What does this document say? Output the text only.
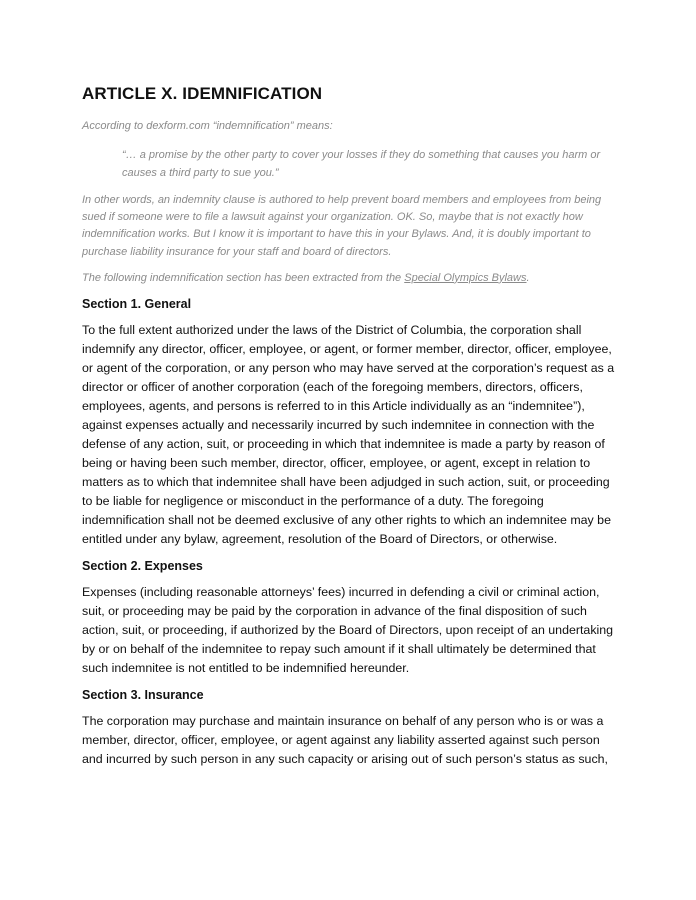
ARTICLE X. IDEMNIFICATION

According to dexform.com “indemnification” means:

“… a promise by the other party to cover your losses if they do something that causes you harm or causes a third party to sue you.”

In other words, an indemnity clause is authored to help prevent board members and employees from being sued if someone were to file a lawsuit against your organization. OK. So, maybe that is not exactly how indemnification works. But I know it is important to have this in your Bylaws. And, it is doubly important to purchase liability insurance for your staff and board of directors.

The following indemnification section has been extracted from the Special Olympics Bylaws.

Section 1. General

To the full extent authorized under the laws of the District of Columbia, the corporation shall indemnify any director, officer, employee, or agent, or former member, director, officer, employee, or agent of the corporation, or any person who may have served at the corporation’s request as a director or officer of another corporation (each of the foregoing members, directors, officers, employees, agents, and persons is referred to in this Article individually as an “indemnitee”), against expenses actually and necessarily incurred by such indemnitee in connection with the defense of any action, suit, or proceeding in which that indemnitee is made a party by reason of being or having been such member, director, officer, employee, or agent, except in relation to matters as to which that indemnitee shall have been adjudged in such action, suit, or proceeding to be liable for negligence or misconduct in the performance of a duty. The foregoing indemnification shall not be deemed exclusive of any other rights to which an indemnitee may be entitled under any bylaw, agreement, resolution of the Board of Directors, or otherwise.

Section 2. Expenses

Expenses (including reasonable attorneys’ fees) incurred in defending a civil or criminal action, suit, or proceeding may be paid by the corporation in advance of the final disposition of such action, suit, or proceeding, if authorized by the Board of Directors, upon receipt of an undertaking by or on behalf of the indemnitee to repay such amount if it shall ultimately be determined that such indemnitee is not entitled to be indemnified hereunder.

Section 3. Insurance

The corporation may purchase and maintain insurance on behalf of any person who is or was a member, director, officer, employee, or agent against any liability asserted against such person and incurred by such person in any such capacity or arising out of such person’s status as such,
